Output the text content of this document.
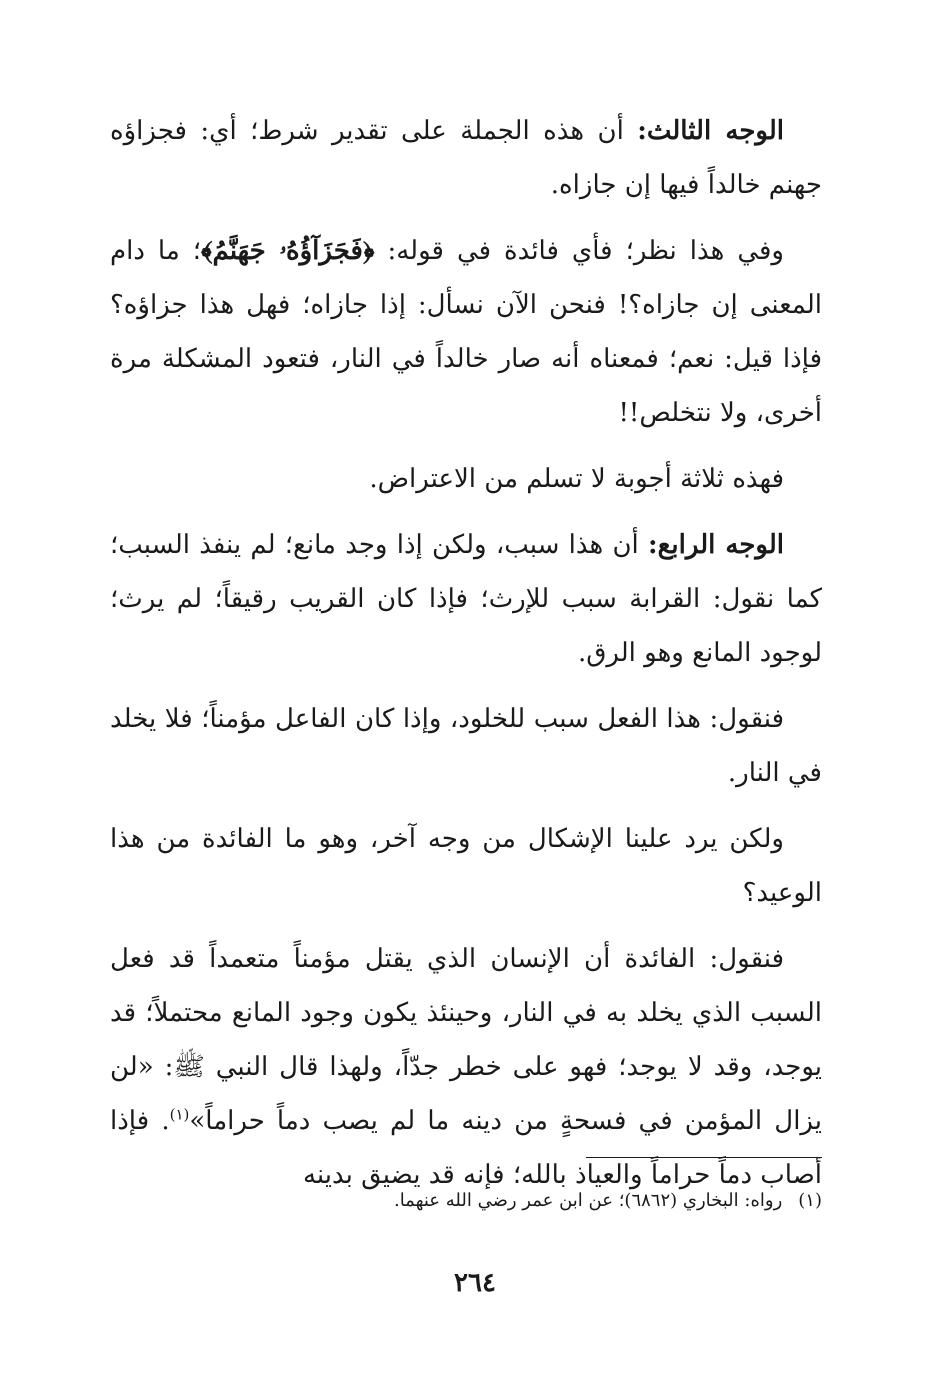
الوجه الثالث: أن هذه الجملة على تقدير شرط؛ أي: فجزاؤه جهنم خالداً فيها إن جازاه.

وفي هذا نظر؛ فأي فائدة في قوله: ﴿فَجَزَآؤُهُۥ جَهَنَّمُ﴾؛ ما دام المعنى إن جازاه؟! فنحن الآن نسأل: إذا جازاه؛ فهل هذا جزاؤه؟ فإذا قيل: نعم؛ فمعناه أنه صار خالداً في النار، فتعود المشكلة مرة أخرى، ولا نتخلص!!

فهذه ثلاثة أجوبة لا تسلم من الاعتراض.

الوجه الرابع: أن هذا سبب، ولكن إذا وجد مانع؛ لم ينفذ السبب؛ كما نقول: القرابة سبب للإرث؛ فإذا كان القريب رقيقاً؛ لم يرث؛ لوجود المانع وهو الرق.

فنقول: هذا الفعل سبب للخلود، وإذا كان الفاعل مؤمناً؛ فلا يخلد في النار.

ولكن يرد علينا الإشكال من وجه آخر، وهو ما الفائدة من هذا الوعيد؟

فنقول: الفائدة أن الإنسان الذي يقتل مؤمناً متعمداً قد فعل السبب الذي يخلد به في النار، وحينئذ يكون وجود المانع محتملاً؛ قد يوجد، وقد لا يوجد؛ فهو على خطر جدّاً، ولهذا قال النبي ﷺ: «لن يزال المؤمن في فسحةٍ من دينه ما لم يصب دماً حراماً»$^{(١)}$. فإذا أصاب دماً حراماً والعياذ بالله؛ فإنه قد يضيق بدينه

(١)رواه: البخاري (٦٨٦٢)؛ عن ابن عمر رضي الله عنهما.
٢٦٤
